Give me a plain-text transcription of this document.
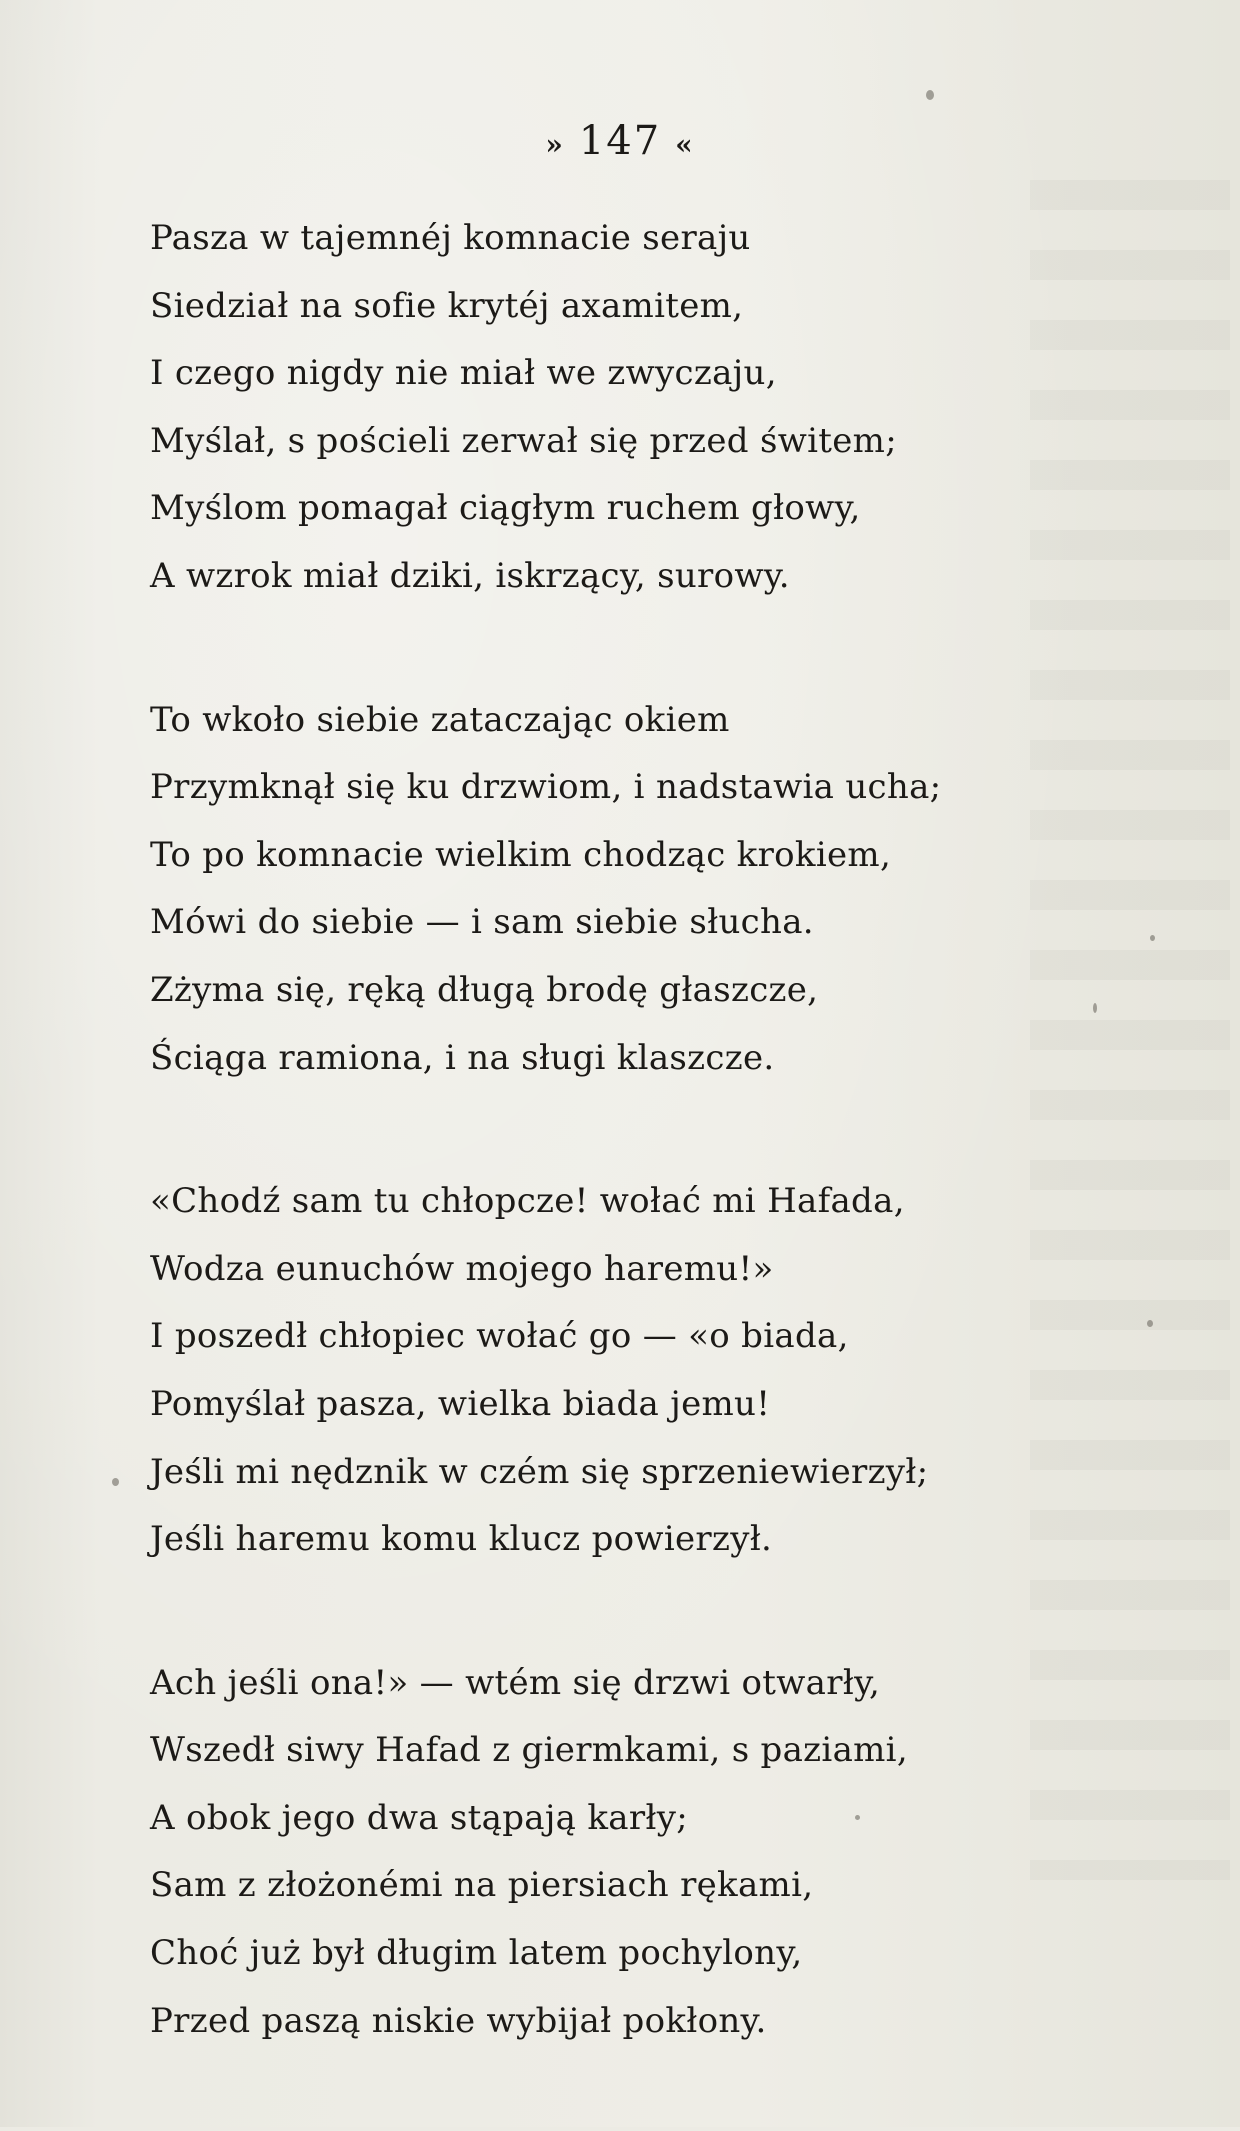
» 147 «
Pasza w tajemnéj komnacie seraju
Siedział na sofie krytéj axamitem,
I czego nigdy nie miał we zwyczaju,
Myślał, s pościeli zerwał się przed świtem;
Myślom pomagał ciągłym ruchem głowy,
A wzrok miał dziki, iskrzący, surowy.
To wkoło siebie zataczając okiem
Przymknął się ku drzwiom, i nadstawia ucha;
To po komnacie wielkim chodząc krokiem,
Mówi do siebie — i sam siebie słucha.
Zżyma się, ręką długą brodę głaszcze,
Ściąga ramiona, i na sługi klaszcze.
«Chodź sam tu chłopcze! wołać mi Hafada,
Wodza eunuchów mojego haremu!»
I poszedł chłopiec wołać go — «o biada,
Pomyślał pasza, wielka biada jemu!
Jeśli mi nędznik w czém się sprzeniewierzył;
Jeśli haremu komu klucz powierzył.
Ach jeśli ona!» — wtém się drzwi otwarły,
Wszedł siwy Hafad z giermkami, s paziami,
A obok jego dwa stąpają karły;
Sam z złożonémi na piersiach rękami,
Choć już był długim latem pochylony,
Przed paszą niskie wybijał pokłony.
